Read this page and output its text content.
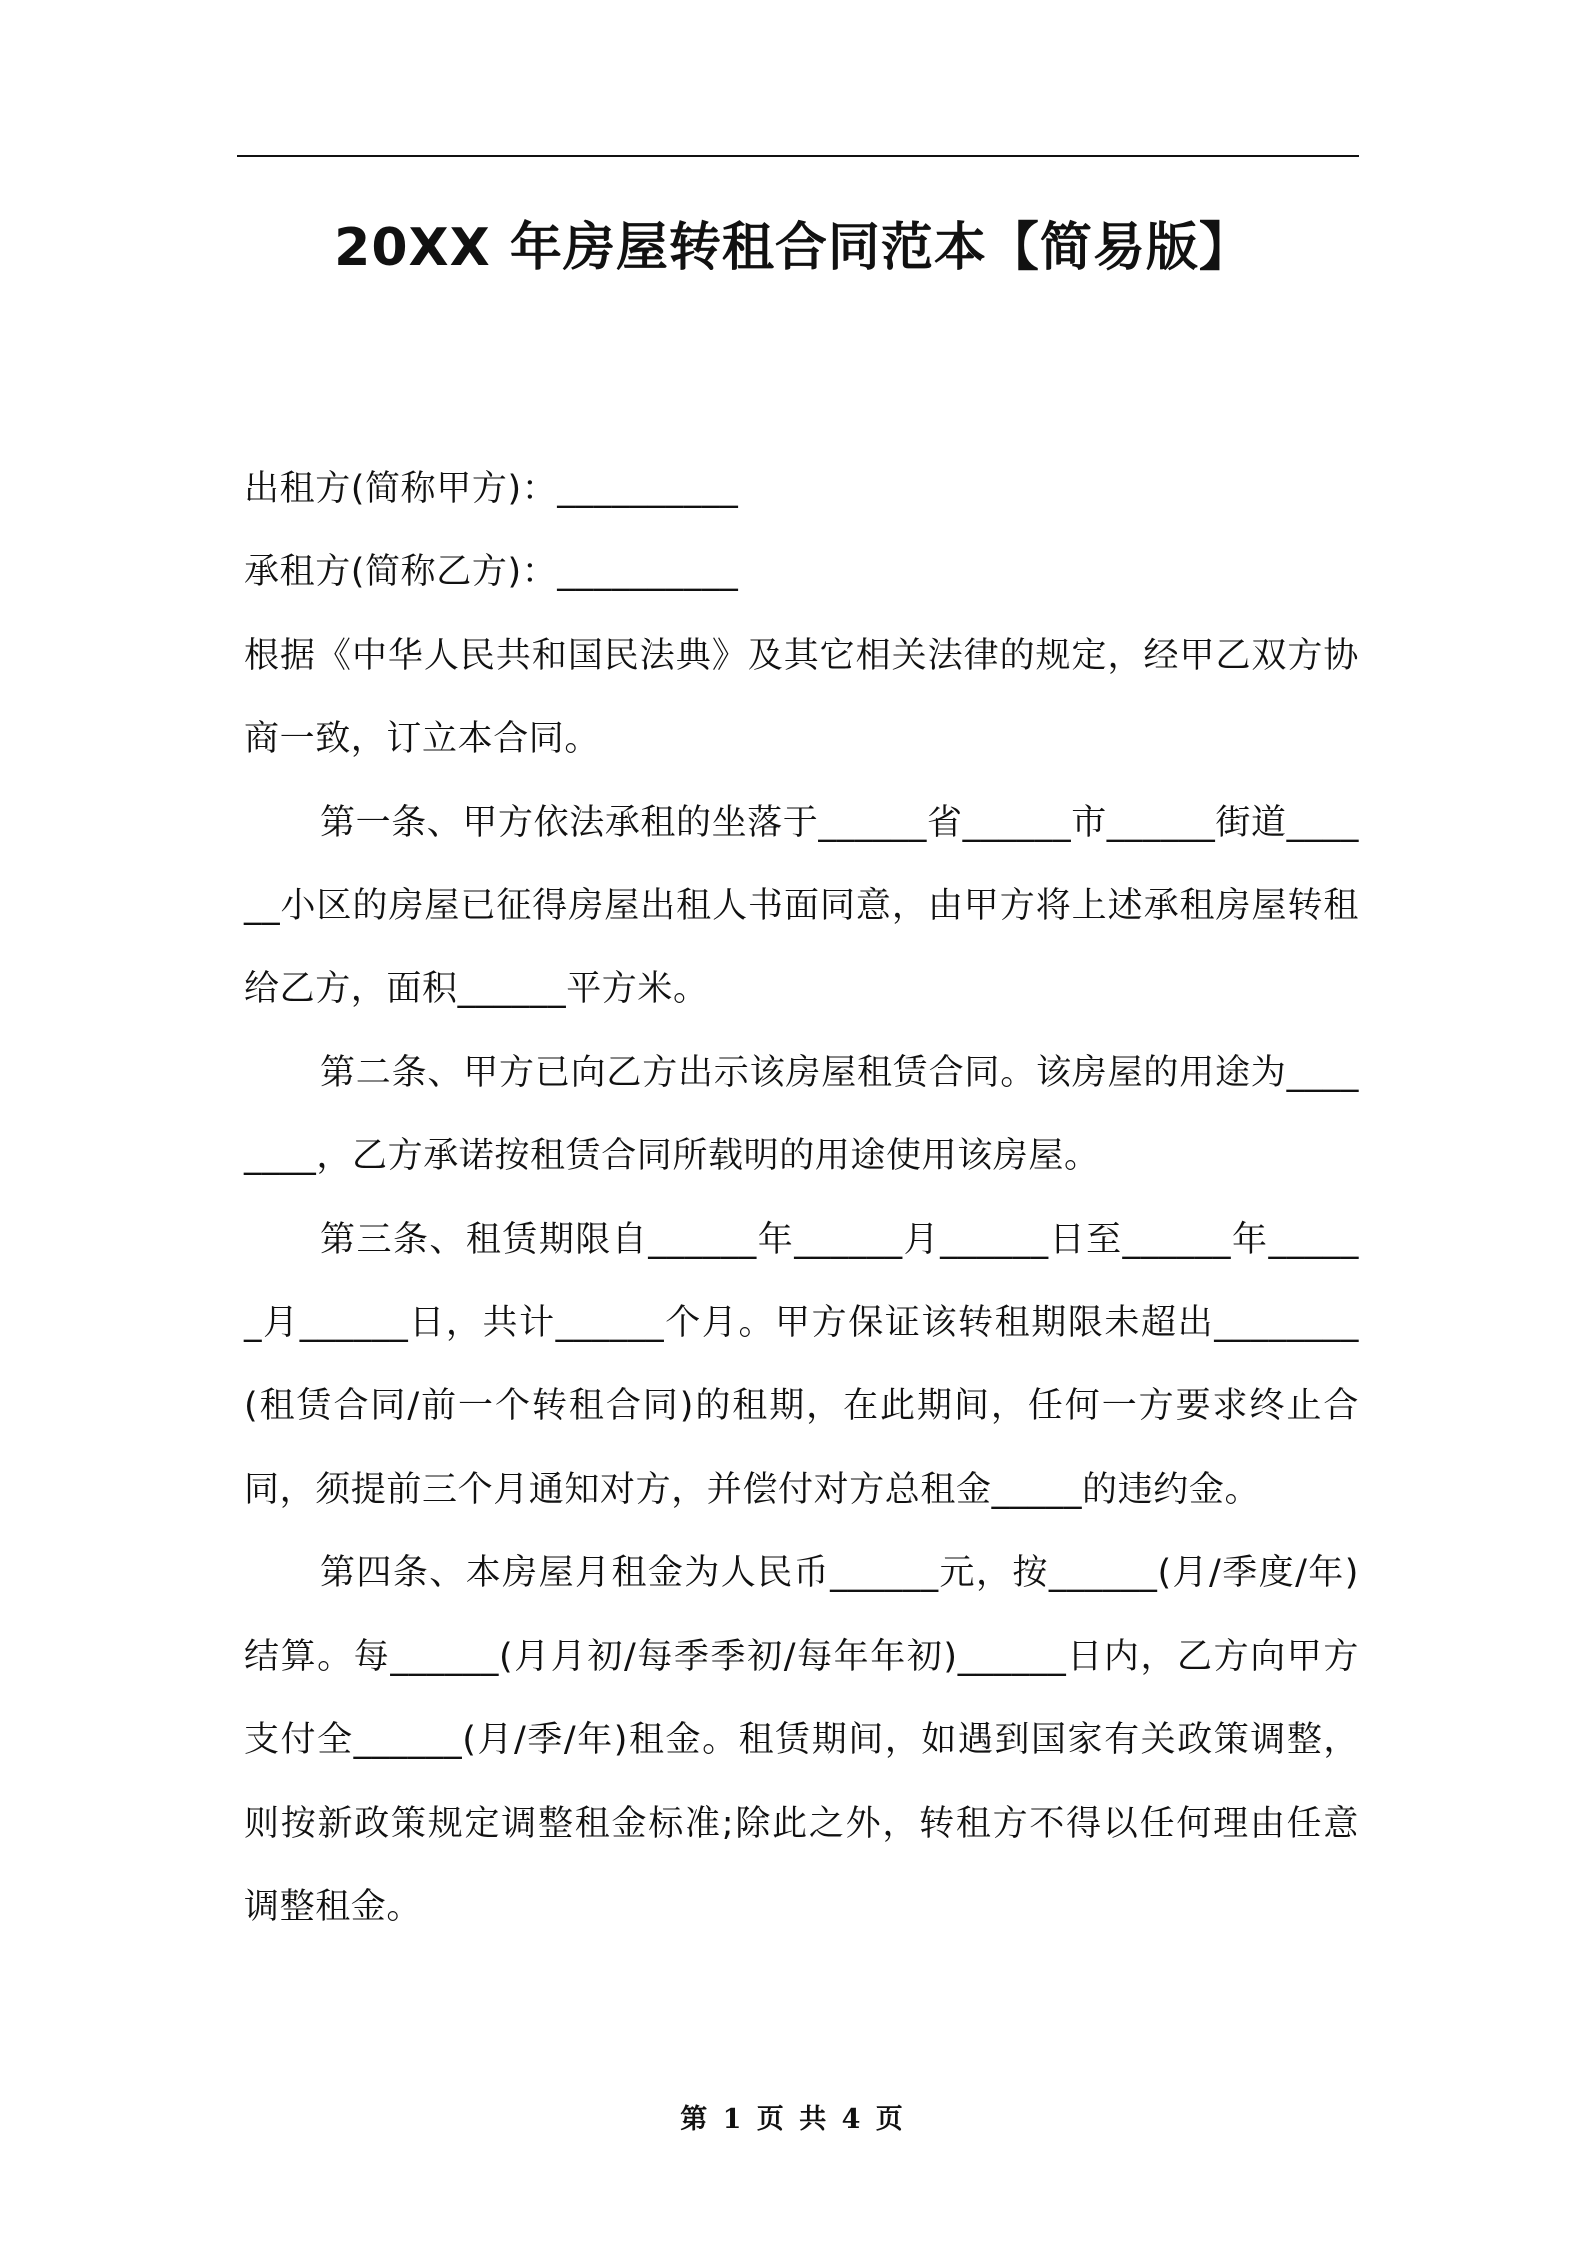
20XX 年房屋转租合同范本【简易版】

出租方(简称甲方)：__________

承租方(简称乙方)：__________

根据《中华人民共和国民法典》及其它相关法律的规定，经甲乙双方协商一致，订立本合同。

第一条、甲方依法承租的坐落于______省______市______街道______小区的房屋已征得房屋出租人书面同意，由甲方将上述承租房屋转租给乙方，面积______平方米。

第二条、甲方已向乙方出示该房屋租赁合同。该房屋的用途为________，乙方承诺按租赁合同所载明的用途使用该房屋。

第三条、租赁期限自______年______月______日至______年______月______日，共计______个月。甲方保证该转租期限未超出________(租赁合同/前一个转租合同)的租期，在此期间，任何一方要求终止合同，须提前三个月通知对方，并偿付对方总租金_____的违约金。

第四条、本房屋月租金为人民币______元，按______(月/季度/年)结算。每______(月月初/每季季初/每年年初)______日内，乙方向甲方支付全______(月/季/年)租金。租赁期间，如遇到国家有关政策调整，则按新政策规定调整租金标准;除此之外，转租方不得以任何理由任意调整租金。

第 1 页 共 4 页
